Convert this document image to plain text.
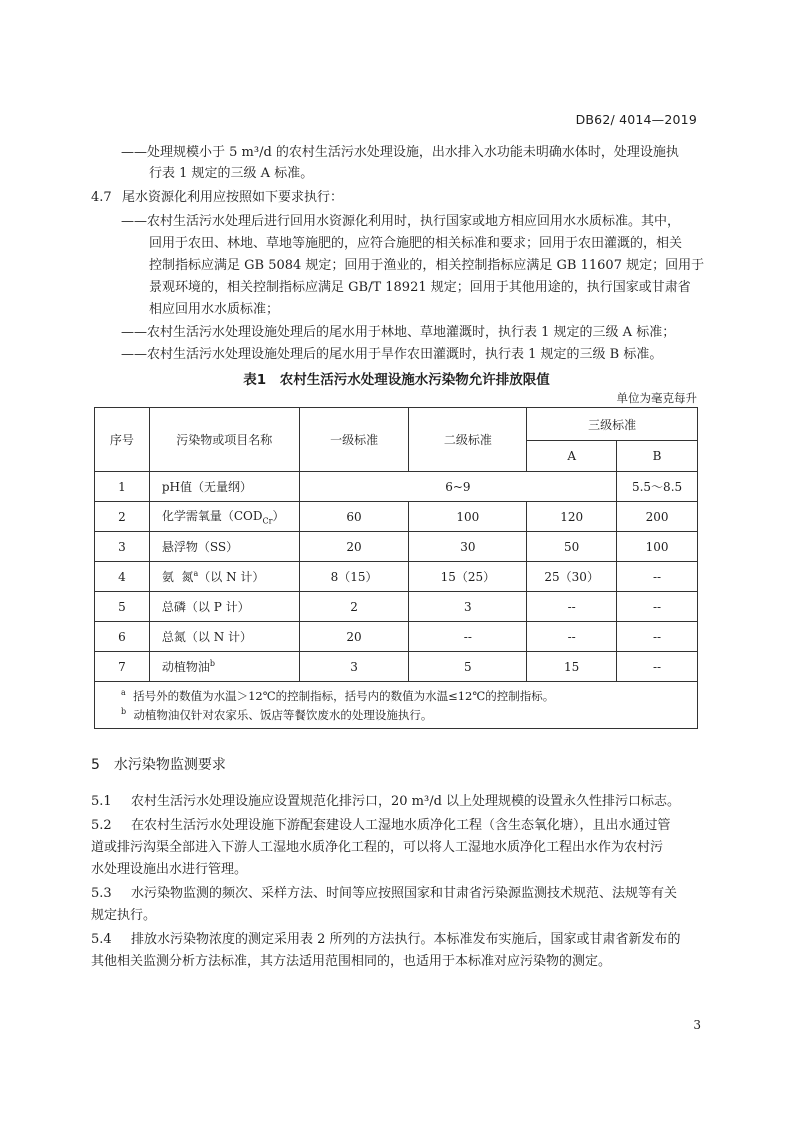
DB62/ 4014—2019
——处理规模小于 5 m³/d 的农村生活污水处理设施，出水排入水功能未明确水体时，处理设施执
行表 1 规定的三级 A 标准。
4.7 尾水资源化利用应按照如下要求执行：
——农村生活污水处理后进行回用水资源化利用时，执行国家或地方相应回用水水质标准。其中，
回用于农田、林地、草地等施肥的，应符合施肥的相关标准和要求；回用于农田灌溉的，相关
控制指标应满足 GB 5084 规定；回用于渔业的，相关控制指标应满足 GB 11607 规定；回用于
景观环境的，相关控制指标应满足 GB/T 18921 规定；回用于其他用途的，执行国家或甘肃省
相应回用水水质标准；
——农村生活污水处理设施处理后的尾水用于林地、草地灌溉时，执行表 1 规定的三级 A 标准；
——农村生活污水处理设施处理后的尾水用于旱作农田灌溉时，执行表 1 规定的三级 B 标准。
表1　农村生活污水处理设施水污染物允许排放限值
单位为毫克每升
序号	污染物或项目名称	一级标准	二级标准	三级标准	
				A	B
1	pH值（无量纲）	6~9			5.5～8.5
2	化学需氧量$(COD_{Cr})$	60	100	120	200
3	悬浮物（SS）	20	30	50	100
4	氨  氮$^a$（以 N 计）	8（15）	15（25）	25（30）	--
5	总磷（以 P 计）	2	3	--	--
6	总氮（以 N 计）	20	--	--	--
7	动植物油$^b$	3	5	15	--
$^a$ 括号外的数值为水温＞12℃的控制指标，括号内的数值为水温≤12℃的控制指标。					
$^b$ 动植物油仅针对农家乐、饭店等餐饮废水的处理设施执行。					
5　水污染物监测要求
5.1 农村生活污水处理设施应设置规范化排污口，20 m³/d 以上处理规模的设置永久性排污口标志。
5.2 在农村生活污水处理设施下游配套建设人工湿地水质净化工程（含生态氧化塘），且出水通过管
道或排污沟渠全部进入下游人工湿地水质净化工程的，可以将人工湿地水质净化工程出水作为农村污
水处理设施出水进行管理。
5.3 水污染物监测的频次、采样方法、时间等应按照国家和甘肃省污染源监测技术规范、法规等有关
规定执行。
5.4 排放水污染物浓度的测定采用表 2 所列的方法执行。本标准发布实施后，国家或甘肃省新发布的
其他相关监测分析方法标准，其方法适用范围相同的，也适用于本标准对应污染物的测定。
3
